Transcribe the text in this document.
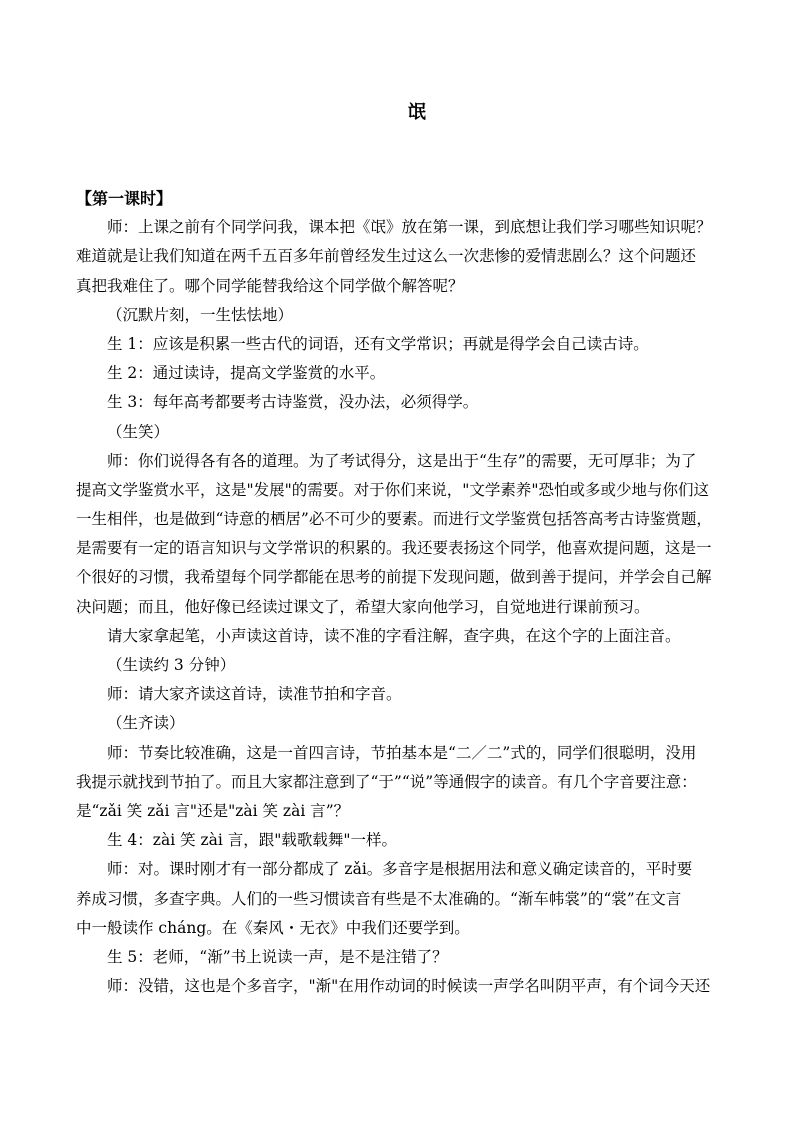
氓
【第一课时】
师：上课之前有个同学问我，课本把《氓》放在第一课，到底想让我们学习哪些知识呢？
难道就是让我们知道在两千五百多年前曾经发生过这么一次悲惨的爱情悲剧么？这个问题还
真把我难住了。哪个同学能替我给这个同学做个解答呢？
（沉默片刻，一生怯怯地）
生 1：应该是积累一些古代的词语，还有文学常识；再就是得学会自己读古诗。
生 2：通过读诗，提高文学鉴赏的水平。
生 3：每年高考都要考古诗鉴赏，没办法，必须得学。
（生笑）
师：你们说得各有各的道理。为了考试得分，这是出于“生存”的需要，无可厚非；为了
提高文学鉴赏水平，这是"发展"的需要。对于你们来说，"文学素养"恐怕或多或少地与你们这
一生相伴，也是做到“诗意的栖居”必不可少的要素。而进行文学鉴赏包括答高考古诗鉴赏题，
是需要有一定的语言知识与文学常识的积累的。我还要表扬这个同学，他喜欢提问题，这是一
个很好的习惯，我希望每个同学都能在思考的前提下发现问题，做到善于提问，并学会自己解
决问题；而且，他好像已经读过课文了，希望大家向他学习，自觉地进行课前预习。
请大家拿起笔，小声读这首诗，读不准的字看注解，查字典，在这个字的上面注音。
（生读约 3 分钟）
师：请大家齐读这首诗，读准节拍和字音。
（生齐读）
师：节奏比较准确，这是一首四言诗，节拍基本是“二／二”式的，同学们很聪明，没用
我提示就找到节拍了。而且大家都注意到了“于”“说”等通假字的读音。有几个字音要注意：
是“zǎi 笑 zǎi 言"还是"zài 笑 zài 言”？
生 4：zài 笑 zài 言，跟"载歌载舞"一样。
师：对。课时刚才有一部分都成了 zǎi。多音字是根据用法和意义确定读音的，平时要
养成习惯，多查字典。人们的一些习惯读音有些是不太准确的。“渐车帏裳”的“裳”在文言
中一般读作 cháng。在《秦风・无衣》中我们还要学到。
生 5：老师，“渐”书上说读一声，是不是注错了？
师：没错，这也是个多音字，"渐"在用作动词的时候读一声学名叫阴平声，有个词今天还
